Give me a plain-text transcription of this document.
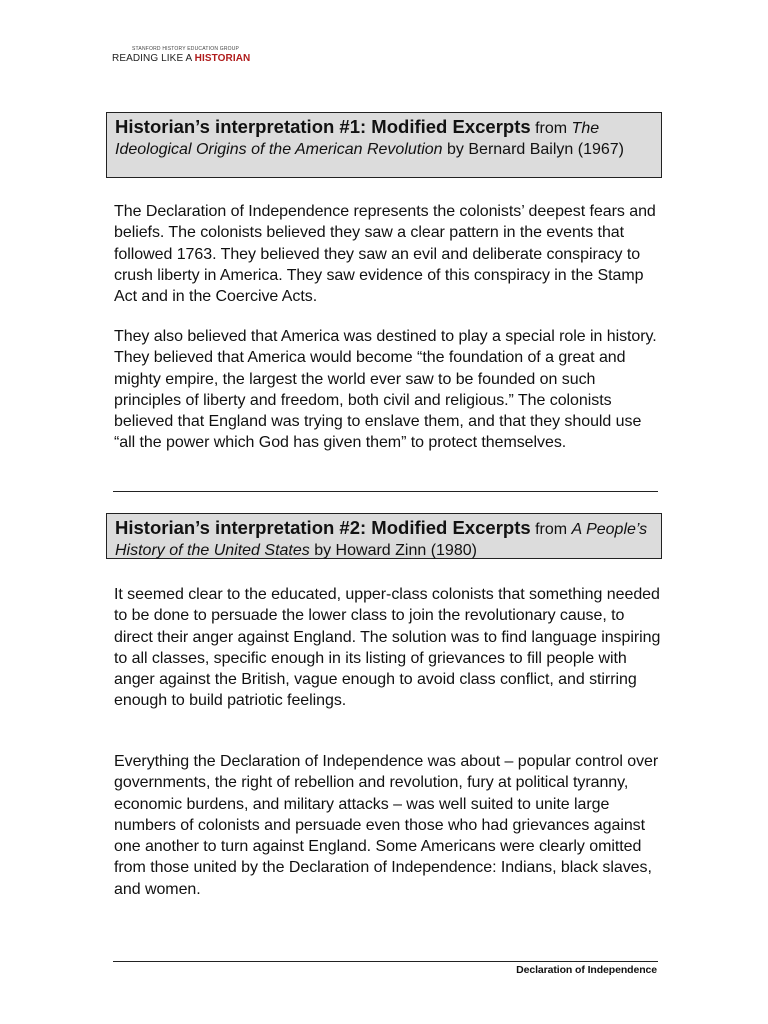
STANFORD HISTORY EDUCATION GROUP
READING LIKE A HISTORIAN
Historian’s interpretation #1: Modified Excerpts from The Ideological Origins of the American Revolution by Bernard Bailyn (1967)

The Declaration of Independence represents the colonists’ deepest fears and beliefs. The colonists believed they saw a clear pattern in the events that followed 1763. They believed they saw an evil and deliberate conspiracy to crush liberty in America. They saw evidence of this conspiracy in the Stamp Act and in the Coercive Acts.

They also believed that America was destined to play a special role in history. They believed that America would become “the foundation of a great and mighty empire, the largest the world ever saw to be founded on such principles of liberty and freedom, both civil and religious.” The colonists believed that England was trying to enslave them, and that they should use “all the power which God has given them” to protect themselves.

Historian’s interpretation #2: Modified Excerpts from A People’s History of the United States by Howard Zinn (1980)

It seemed clear to the educated, upper-class colonists that something needed to be done to persuade the lower class to join the revolutionary cause, to direct their anger against England. The solution was to find language inspiring to all classes, specific enough in its listing of grievances to fill people with anger against the British, vague enough to avoid class conflict, and stirring enough to build patriotic feelings.

Everything the Declaration of Independence was about – popular control over governments, the right of rebellion and revolution, fury at political tyranny, economic burdens, and military attacks – was well suited to unite large numbers of colonists and persuade even those who had grievances against one another to turn against England. Some Americans were clearly omitted from those united by the Declaration of Independence: Indians, black slaves, and women.

Declaration of Independence
